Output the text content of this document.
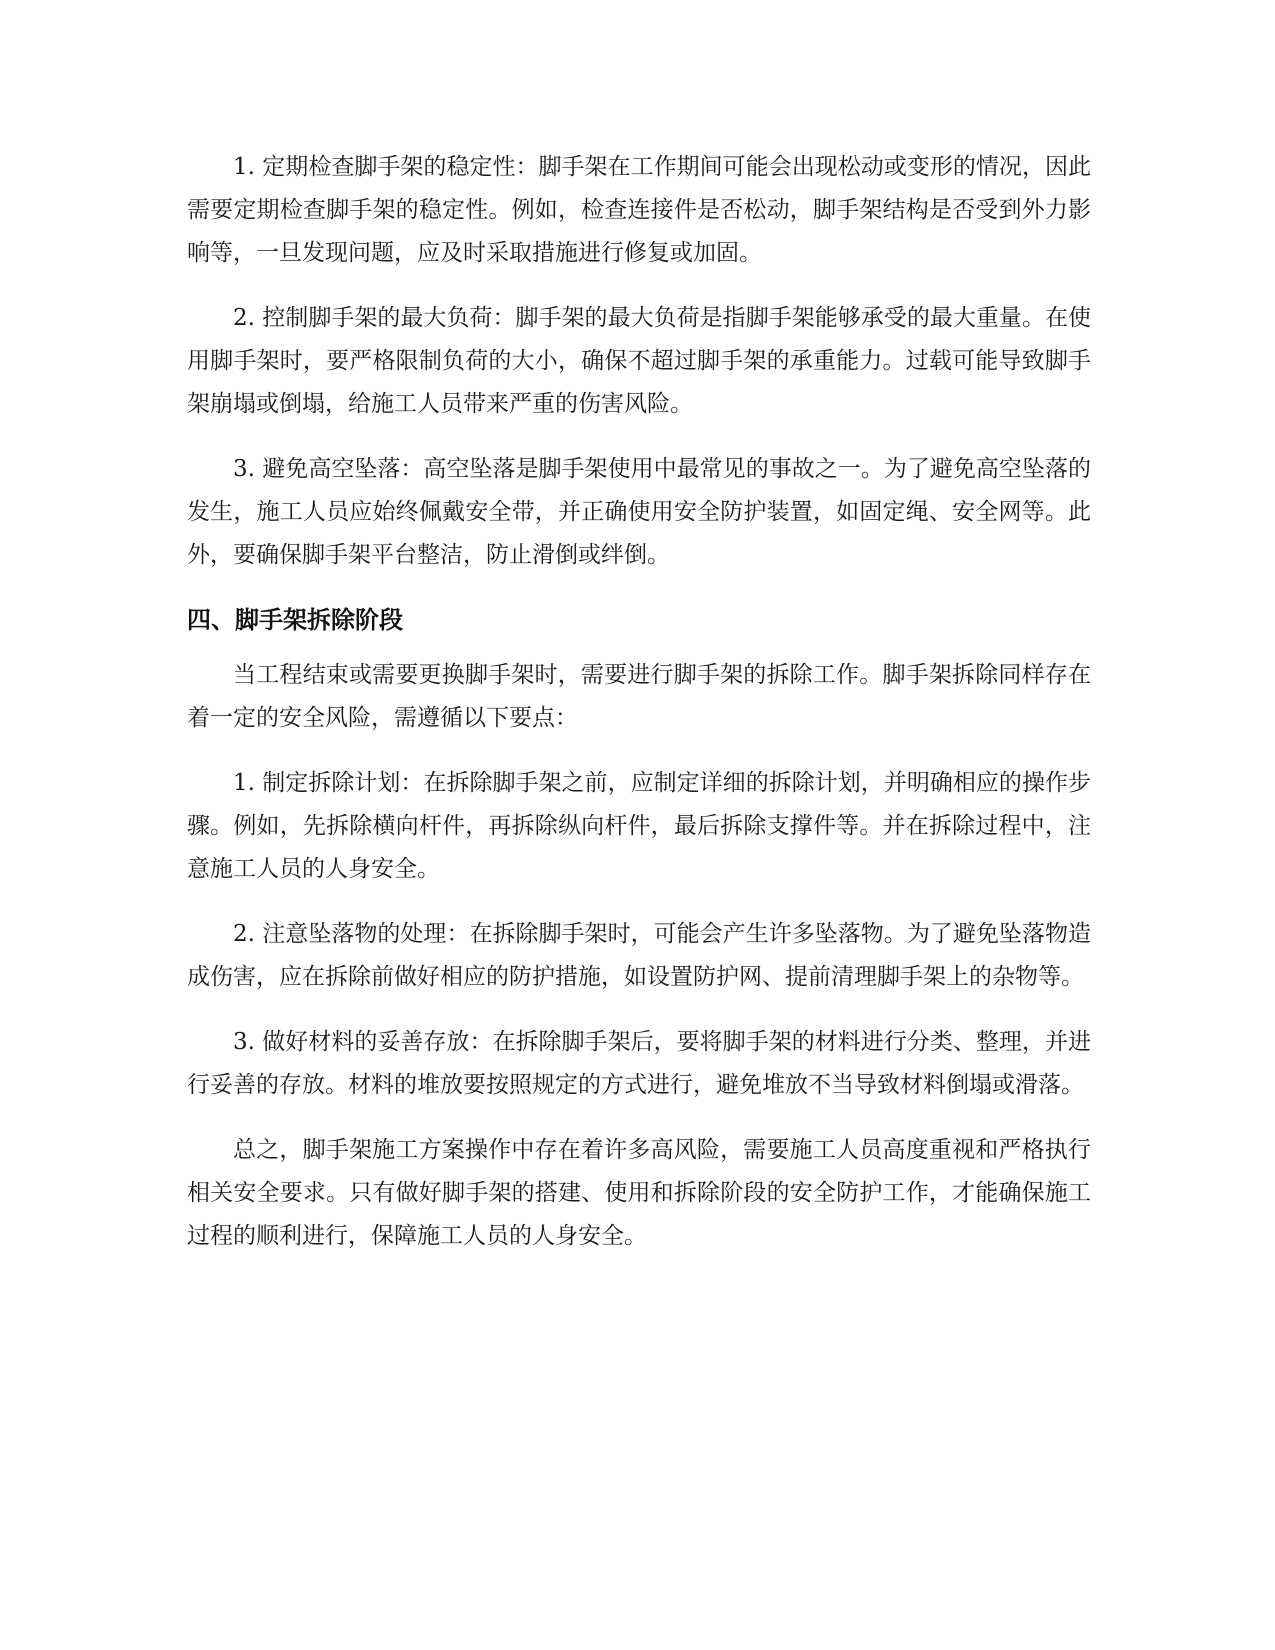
1. 定期检查脚手架的稳定性：脚手架在工作期间可能会出现松动或变形的情况，因此需要定期检查脚手架的稳定性。例如，检查连接件是否松动，脚手架结构是否受到外力影响等，一旦发现问题，应及时采取措施进行修复或加固。

2. 控制脚手架的最大负荷：脚手架的最大负荷是指脚手架能够承受的最大重量。在使用脚手架时，要严格限制负荷的大小，确保不超过脚手架的承重能力。过载可能导致脚手架崩塌或倒塌，给施工人员带来严重的伤害风险。

3. 避免高空坠落：高空坠落是脚手架使用中最常见的事故之一。为了避免高空坠落的发生，施工人员应始终佩戴安全带，并正确使用安全防护装置，如固定绳、安全网等。此外，要确保脚手架平台整洁，防止滑倒或绊倒。

四、脚手架拆除阶段

当工程结束或需要更换脚手架时，需要进行脚手架的拆除工作。脚手架拆除同样存在着一定的安全风险，需遵循以下要点：

1. 制定拆除计划：在拆除脚手架之前，应制定详细的拆除计划，并明确相应的操作步骤。例如，先拆除横向杆件，再拆除纵向杆件，最后拆除支撑件等。并在拆除过程中，注意施工人员的人身安全。

2. 注意坠落物的处理：在拆除脚手架时，可能会产生许多坠落物。为了避免坠落物造成伤害，应在拆除前做好相应的防护措施，如设置防护网、提前清理脚手架上的杂物等。

3. 做好材料的妥善存放：在拆除脚手架后，要将脚手架的材料进行分类、整理，并进行妥善的存放。材料的堆放要按照规定的方式进行，避免堆放不当导致材料倒塌或滑落。

总之，脚手架施工方案操作中存在着许多高风险，需要施工人员高度重视和严格执行相关安全要求。只有做好脚手架的搭建、使用和拆除阶段的安全防护工作，才能确保施工过程的顺利进行，保障施工人员的人身安全。
